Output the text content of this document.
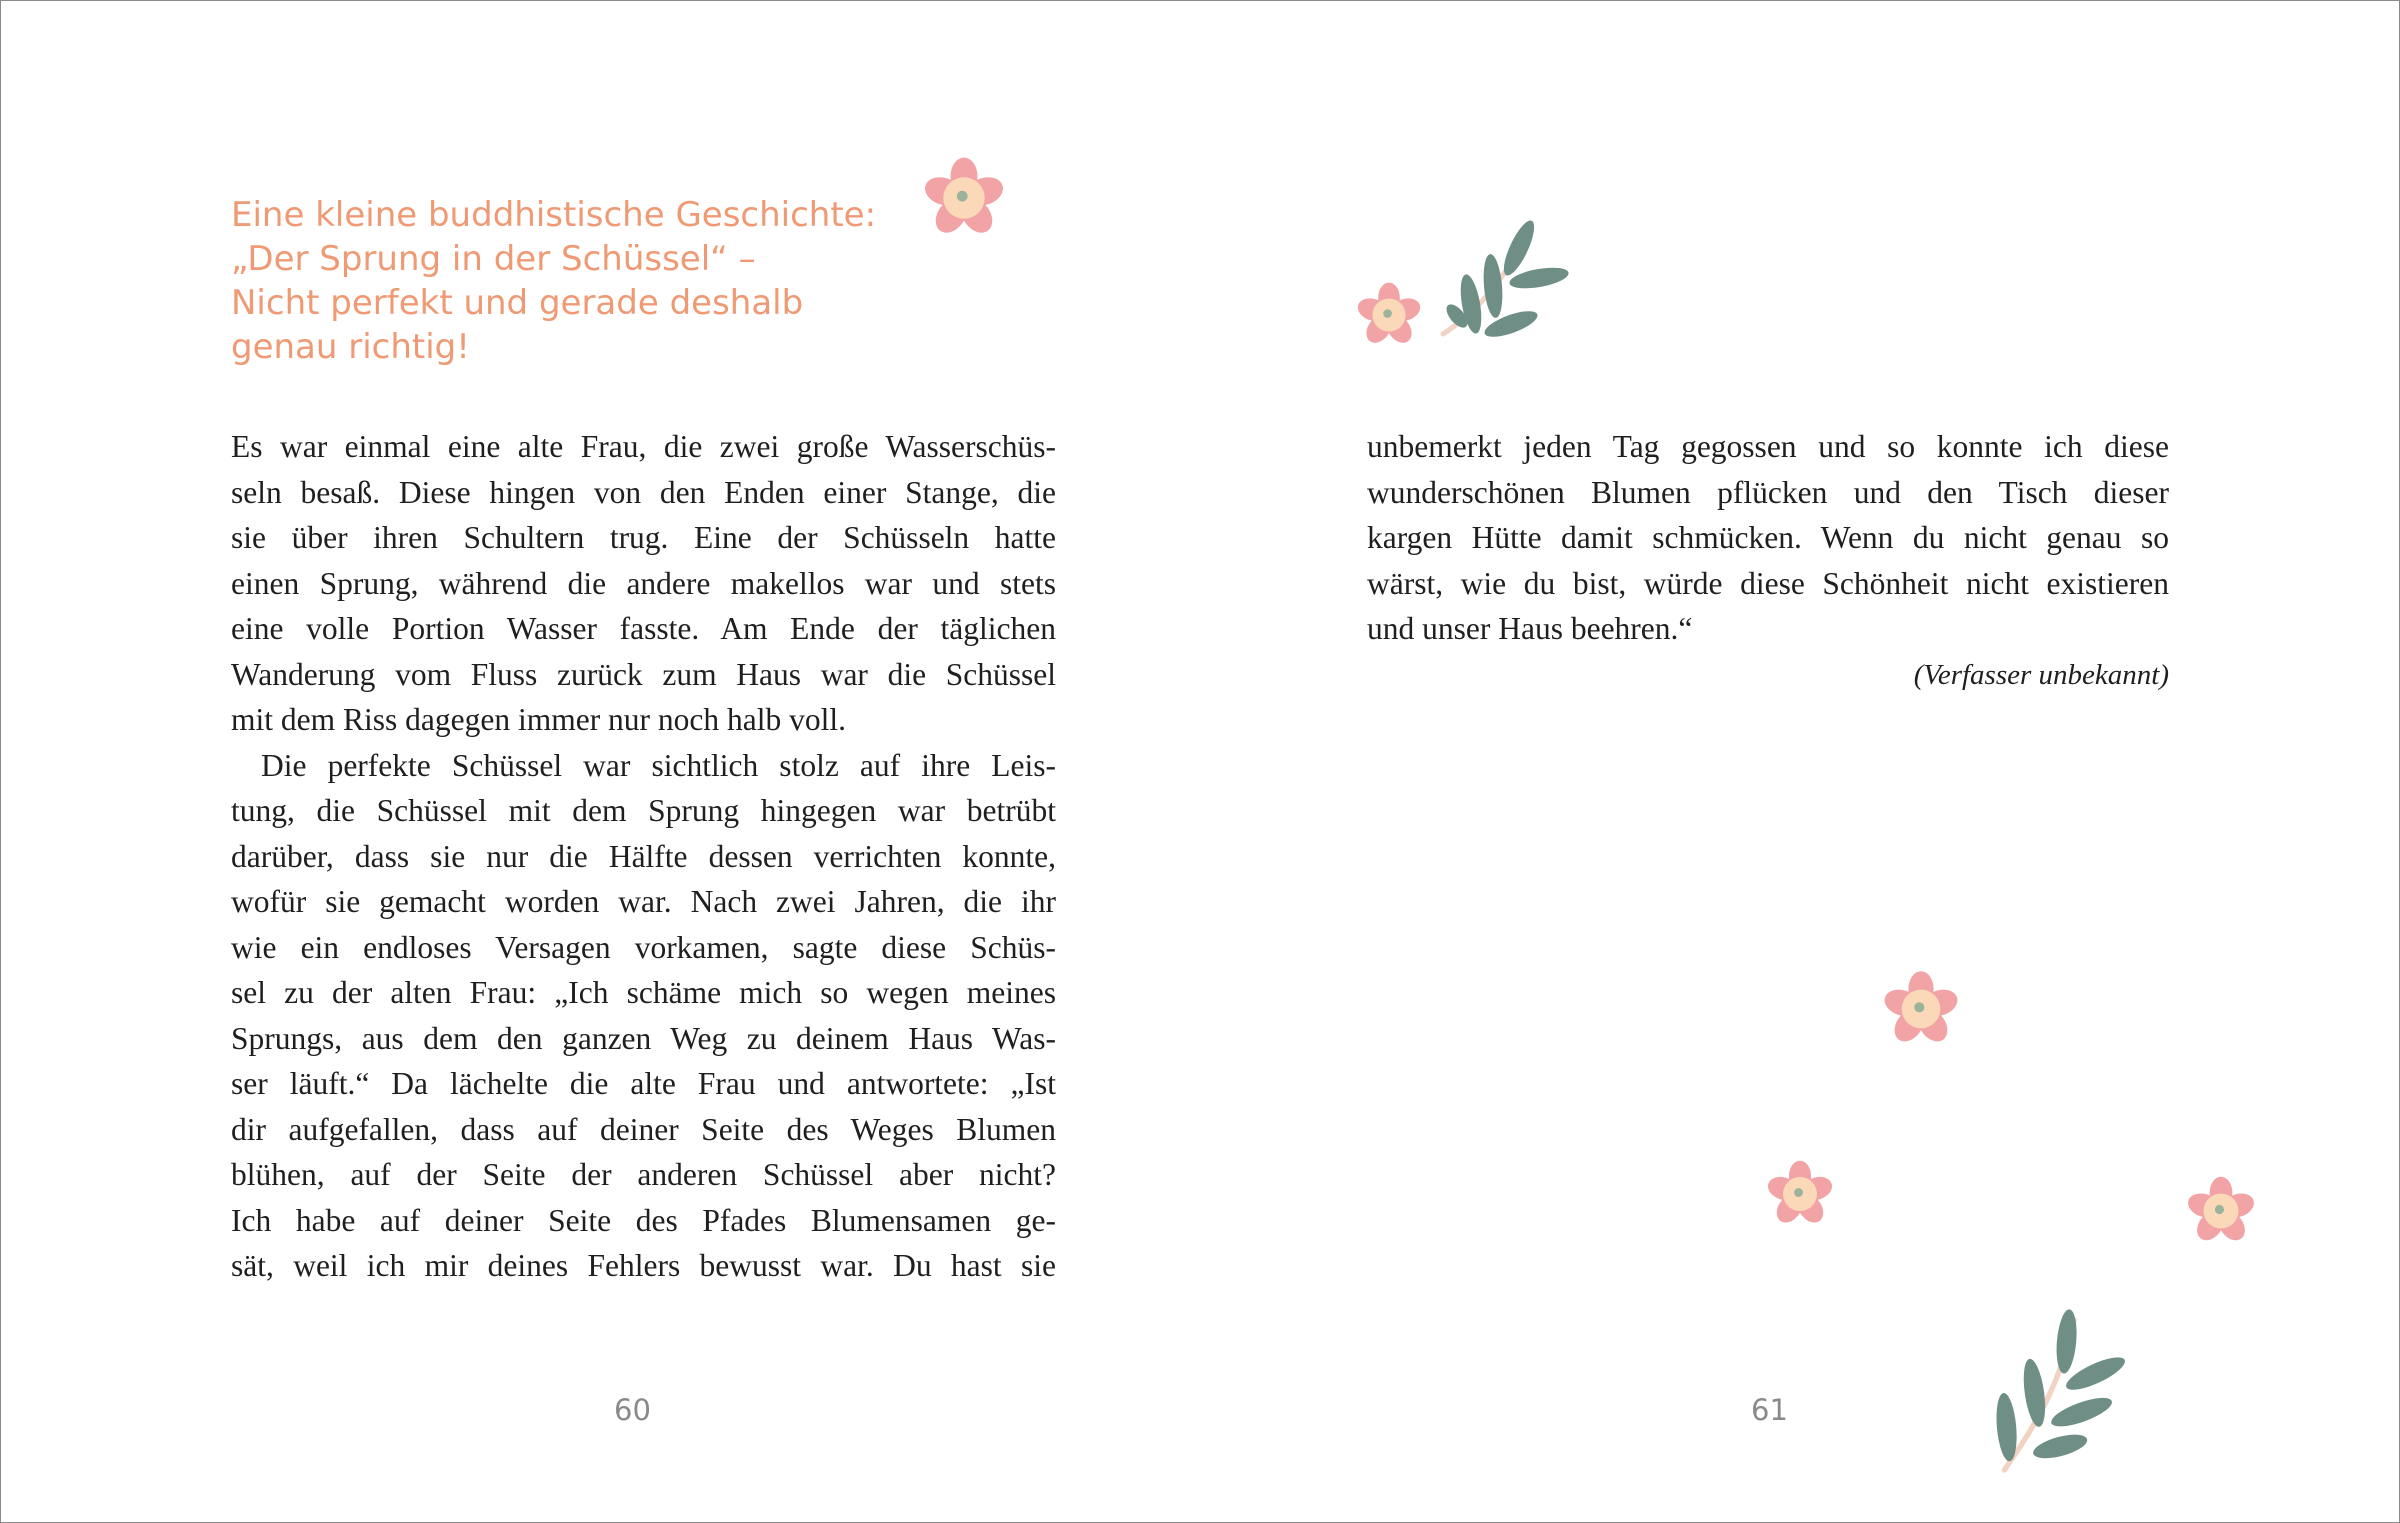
Eine kleine buddhistische Geschichte:
„Der Sprung in der Schüssel“ –
Nicht perfekt und gerade deshalb
genau richtig!
Es war einmal eine alte Frau, die zwei große Wasserschüs-
seln besaß. Diese hingen von den Enden einer Stange, die
sie über ihren Schultern trug. Eine der Schüsseln hatte
einen Sprung, während die andere makellos war und stets
eine volle Portion Wasser fasste. Am Ende der täglichen
Wanderung vom Fluss zurück zum Haus war die Schüssel
mit dem Riss dagegen immer nur noch halb voll.
Die perfekte Schüssel war sichtlich stolz auf ihre Leis-
tung, die Schüssel mit dem Sprung hingegen war betrübt
darüber, dass sie nur die Hälfte dessen verrichten konnte,
wofür sie gemacht worden war. Nach zwei Jahren, die ihr
wie ein endloses Versagen vorkamen, sagte diese Schüs-
sel zu der alten Frau: „Ich schäme mich so wegen meines
Sprungs, aus dem den ganzen Weg zu deinem Haus Was-
ser läuft.“ Da lächelte die alte Frau und antwortete: „Ist
dir aufgefallen, dass auf deiner Seite des Weges Blumen
blühen, auf der Seite der anderen Schüssel aber nicht?
Ich habe auf deiner Seite des Pfades Blumensamen ge-
sät, weil ich mir deines Fehlers bewusst war. Du hast sie
unbemerkt jeden Tag gegossen und so konnte ich diese
wunderschönen Blumen pflücken und den Tisch dieser
kargen Hütte damit schmücken. Wenn du nicht genau so
wärst, wie du bist, würde diese Schönheit nicht existieren
und unser Haus beehren.“
(Verfasser unbekannt)
60	61
